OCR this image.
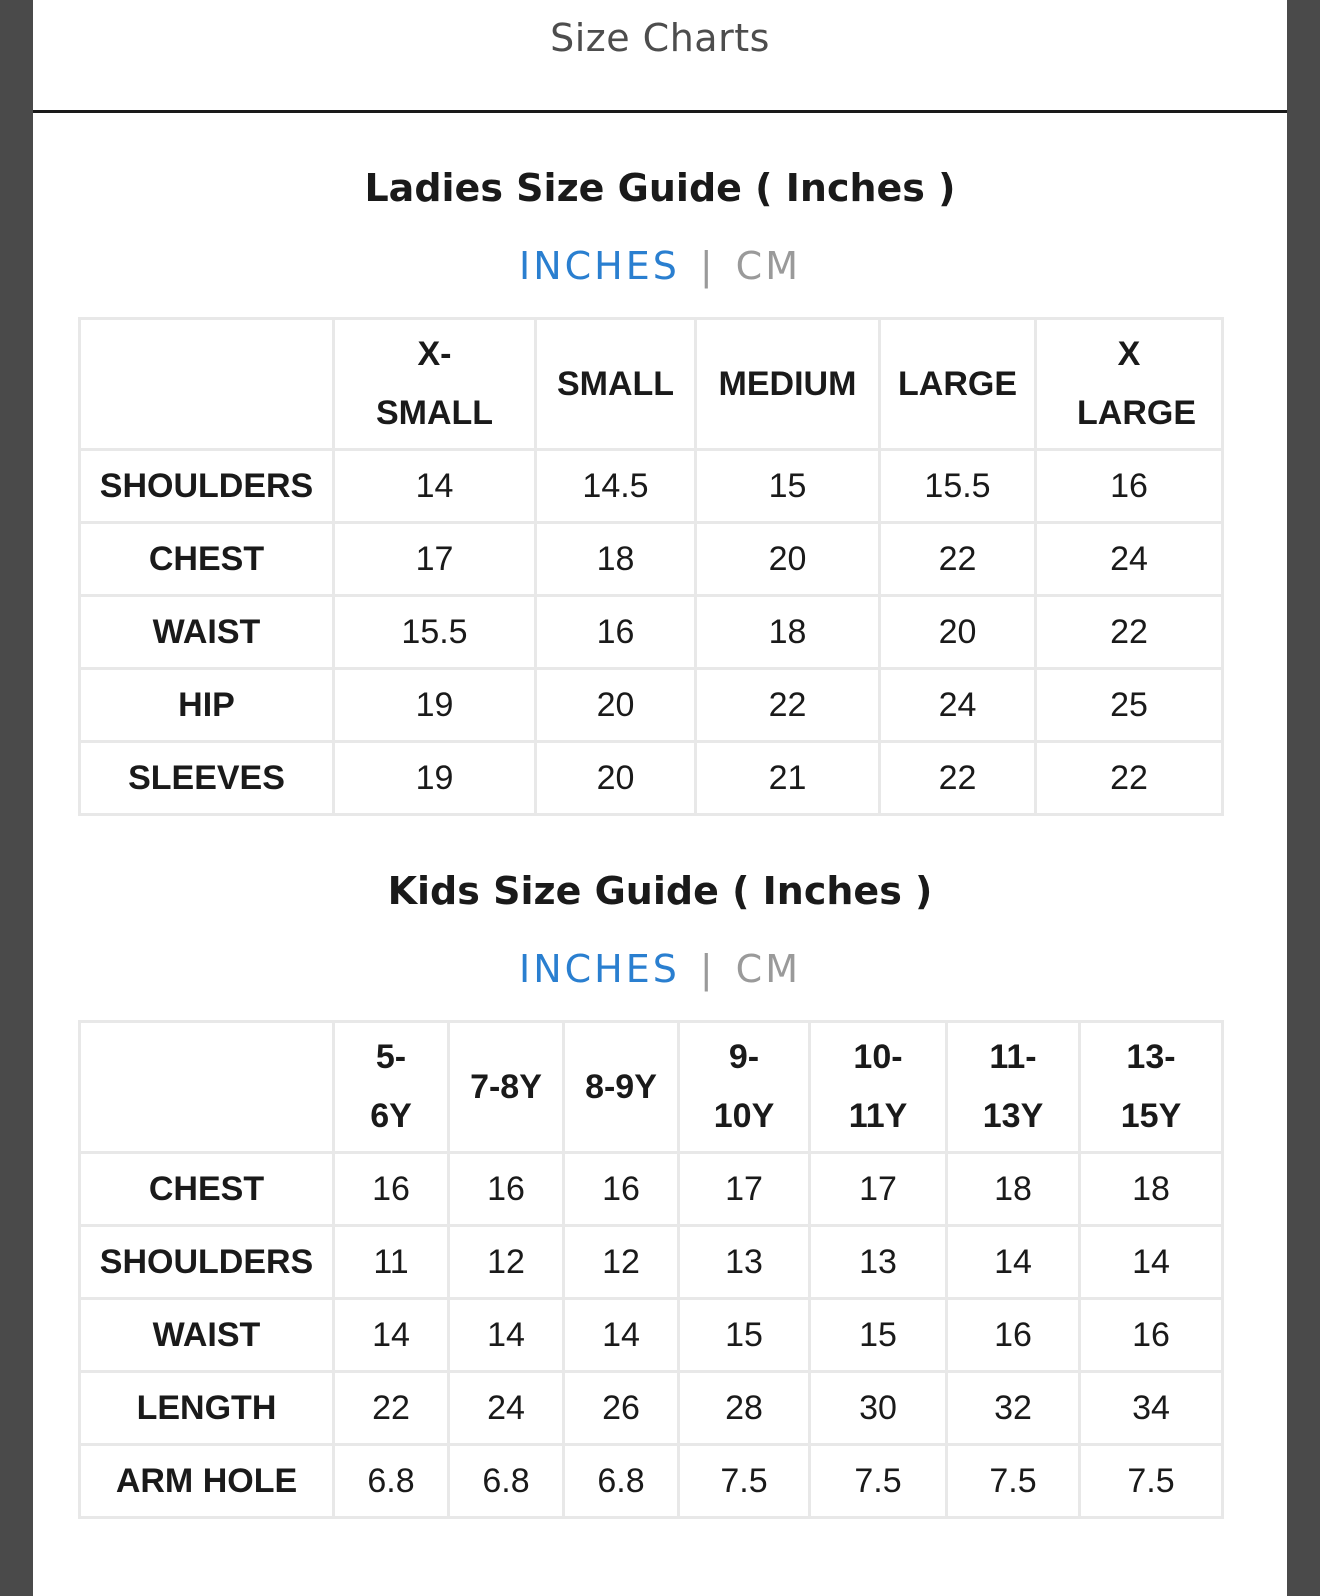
Size Charts
Ladies Size Guide ( Inches )
INCHES | CM
	X-SMALL	SMALL	MEDIUM	LARGE	X LARGE
SHOULDERS	14	14.5	15	15.5	16
CHEST	17	18	20	22	24
WAIST	15.5	16	18	20	22
HIP	19	20	22	24	25
SLEEVES	19	20	21	22	22
Kids Size Guide ( Inches )
INCHES | CM
	5-6Y	7-8Y	8-9Y	9-10Y	10-11Y	11-13Y	13-15Y
CHEST	16	16	16	17	17	18	18
SHOULDERS	11	12	12	13	13	14	14
WAIST	14	14	14	15	15	16	16
LENGTH	22	24	26	28	30	32	34
ARM HOLE	6.8	6.8	6.8	7.5	7.5	7.5	7.5
